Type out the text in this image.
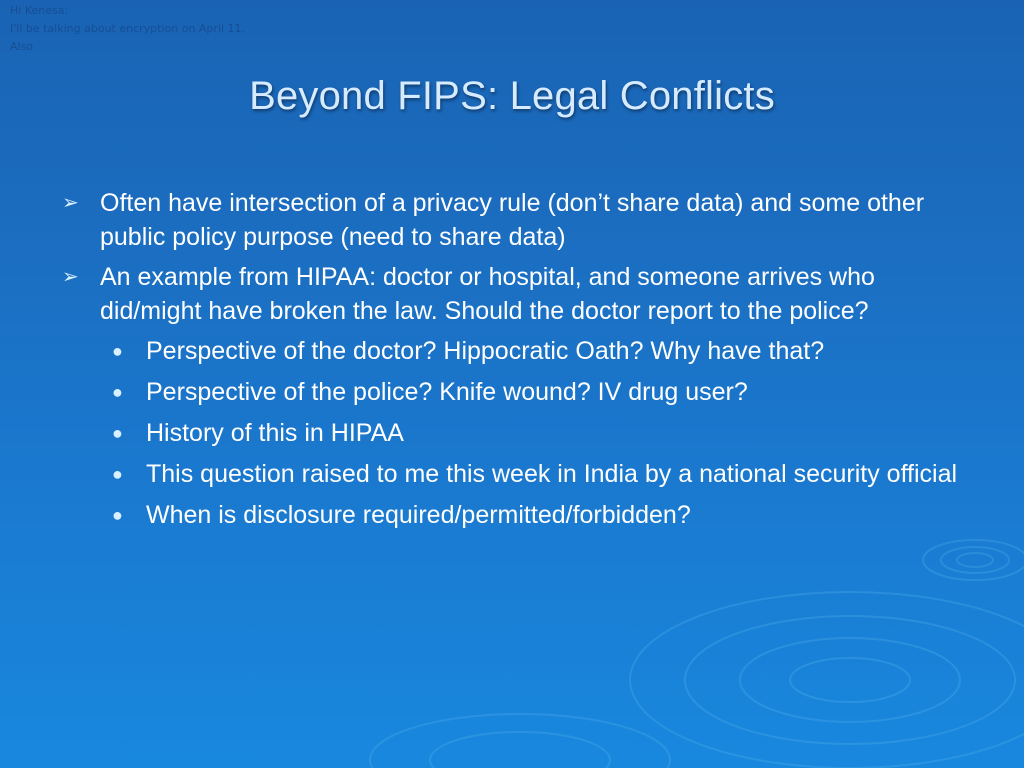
Hi Kenesa:
I'll be talking about encryption on April 11.
Also
Beyond FIPS: Legal Conflicts
➢ Often have intersection of a privacy rule (don’t share data) and some other public policy purpose (need to share data)
➢ An example from HIPAA: doctor or hospital, and someone arrives who did/might have broken the law. Should the doctor report to the police?
● Perspective of the doctor? Hippocratic Oath? Why have that?
● Perspective of the police? Knife wound? IV drug user?
● History of this in HIPAA
● This question raised to me this week in India by a national security official
● When is disclosure required/permitted/forbidden?
